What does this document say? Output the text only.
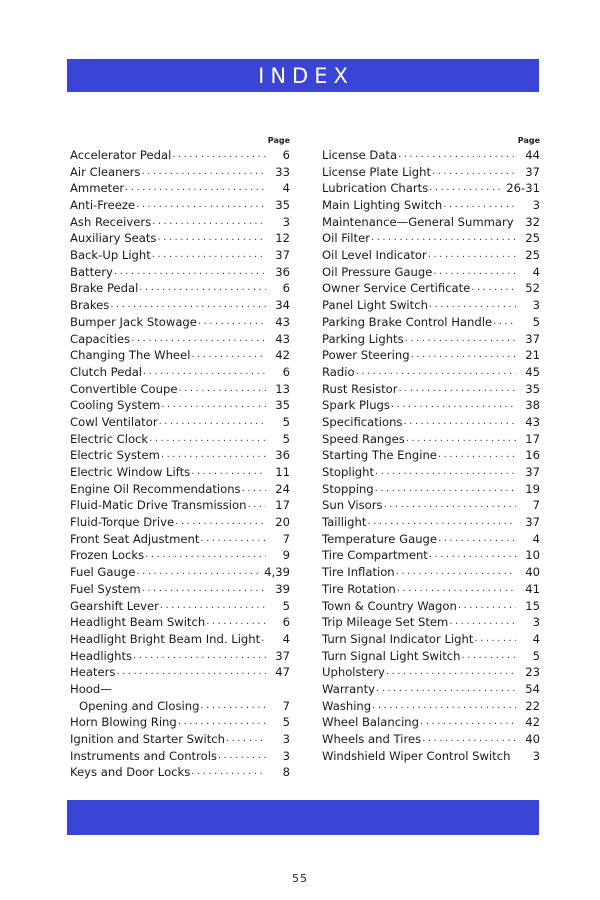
INDEX
Page
Accelerator Pedal .....	6
Air Cleaners .....	33
Ammeter .....	4
Anti-Freeze .....	35
Ash Receivers .....	3
Auxiliary Seats .....	12
Back-Up Light .....	37
Battery .....	36
Brake Pedal .....	6
Brakes .....	34
Bumper Jack Stowage .....	43
Capacities .....	43
Changing The Wheel .....	42
Clutch Pedal .....	6
Convertible Coupe .....	13
Cooling System .....	35
Cowl Ventilator .....	5
Electric Clock .....	5
Electric System .....	36
Electric Window Lifts .....	11
Engine Oil Recommendations .....	24
Fluid-Matic Drive Transmission .....	17
Fluid-Torque Drive .....	20
Front Seat Adjustment .....	7
Frozen Locks .....	9
Fuel Gauge .....	4,39
Fuel System .....	39
Gearshift Lever .....	5
Headlight Beam Switch .....	6
Headlight Bright Beam Ind. Light .....	4
Headlights .....	37
Heaters .....	47
Hood—
Opening and Closing .....	7
Horn Blowing Ring .....	5
Ignition and Starter Switch .....	3
Instruments and Controls .....	3
Keys and Door Locks .....	8
Page
License Data .....	44
License Plate Light .....	37
Lubrication Charts .....	26-31
Main Lighting Switch .....	3
Maintenance—General Summary 32
Oil Filter .....	25
Oil Level Indicator .....	25
Oil Pressure Gauge .....	4
Owner Service Certificate .....	52
Panel Light Switch .....	3
Parking Brake Control Handle .....	5
Parking Lights .....	37
Power Steering .....	21
Radio .....	45
Rust Resistor .....	35
Spark Plugs .....	38
Specifications .....	43
Speed Ranges .....	17
Starting The Engine .....	16
Stoplight .....	37
Stopping .....	19
Sun Visors .....	7
Taillight .....	37
Temperature Gauge .....	4
Tire Compartment .....	10
Tire Inflation .....	40
Tire Rotation .....	41
Town & Country Wagon .....	15
Trip Mileage Set Stem .....	3
Turn Signal Indicator Light .....	4
Turn Signal Light Switch .....	5
Upholstery .....	23
Warranty .....	54
Washing .....	22
Wheel Balancing .....	42
Wheels and Tires .....	40
Windshield Wiper Control Switch	3
55
